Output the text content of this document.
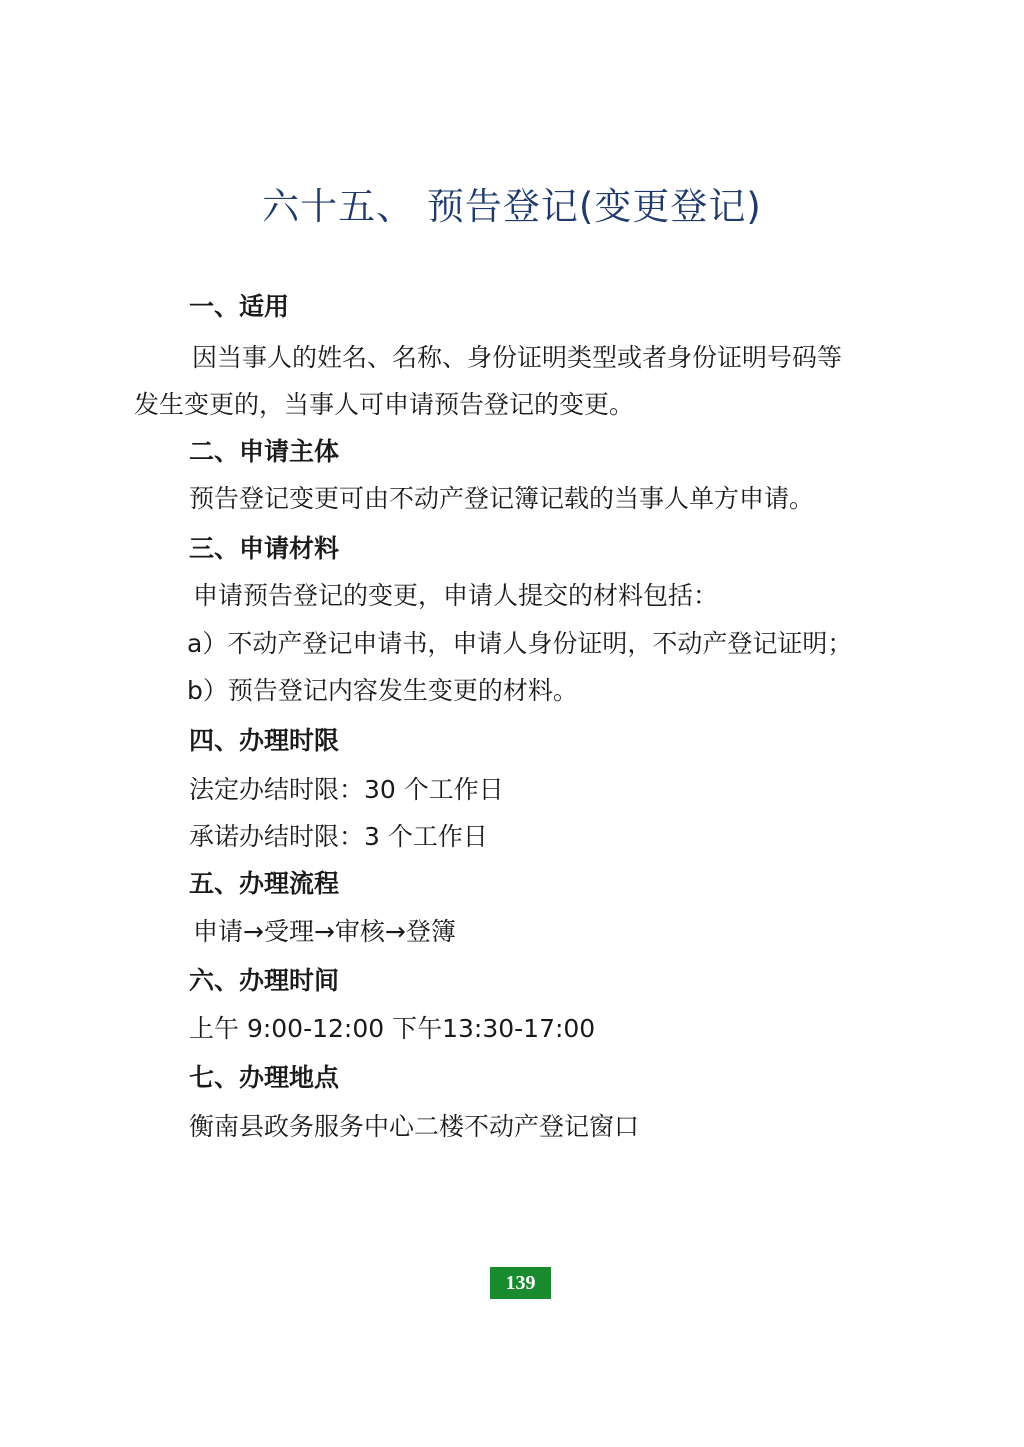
六十五、 预告登记(变更登记)

一、适用

因当事人的姓名、名称、身份证明类型或者身份证明号码等

发生变更的，当事人可申请预告登记的变更。

二、申请主体

预告登记变更可由不动产登记簿记载的当事人单方申请。

三、申请材料

申请预告登记的变更，申请人提交的材料包括：

a）不动产登记申请书，申请人身份证明，不动产登记证明；

b）预告登记内容发生变更的材料。

四、办理时限

法定办结时限：30 个工作日

承诺办结时限：3 个工作日

五、办理流程

申请→受理→审核→登簿

六、办理时间

上午 9:00-12:00 下午13:30-17:00

七、办理地点

衡南县政务服务中心二楼不动产登记窗口

139
